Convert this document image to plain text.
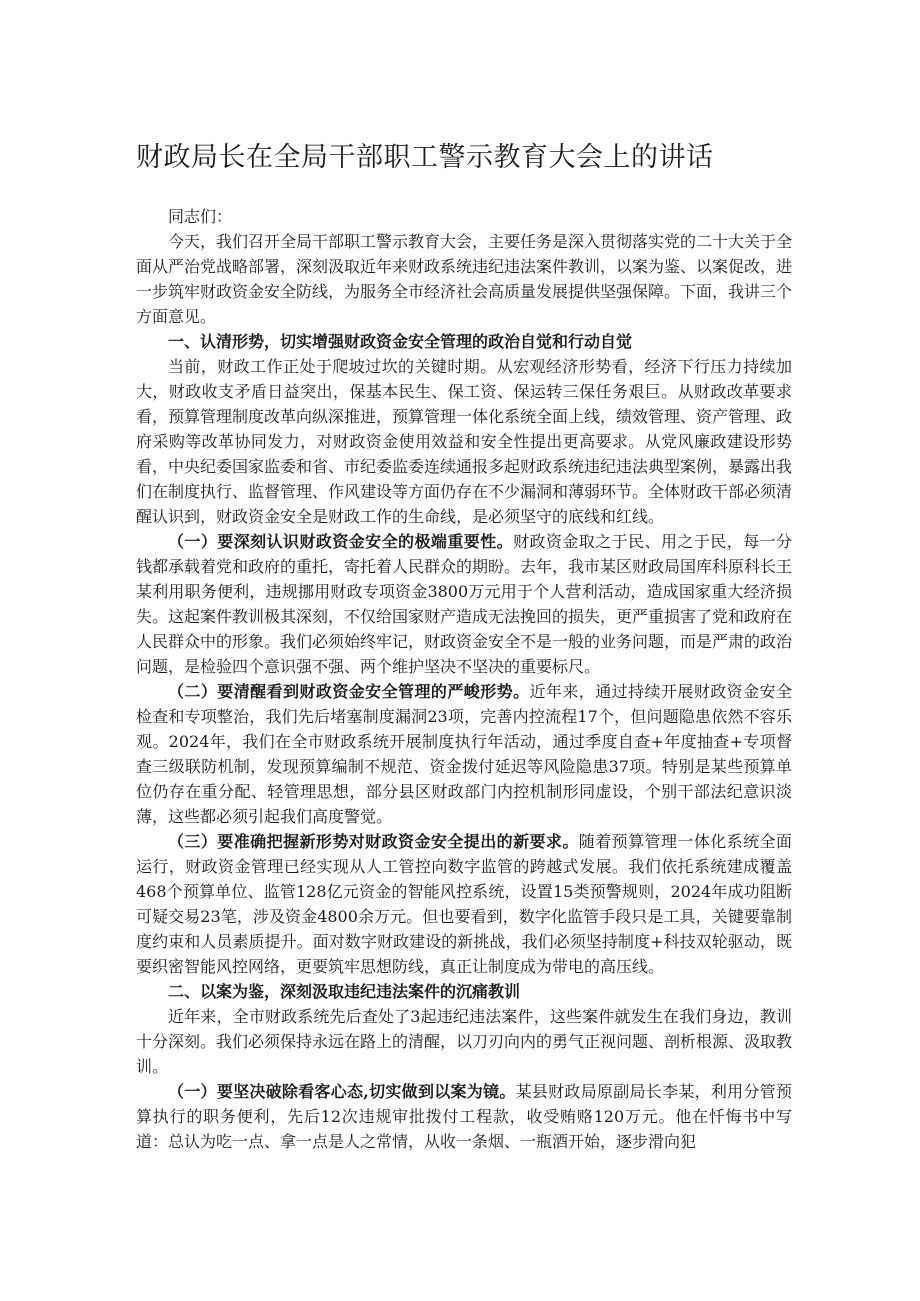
财政局长在全局干部职工警示教育大会上的讲话

同志们：

今天，我们召开全局干部职工警示教育大会，主要任务是深入贯彻落实党的二十大关于全面从严治党战略部署，深刻汲取近年来财政系统违纪违法案件教训，以案为鉴、以案促改，进一步筑牢财政资金安全防线，为服务全市经济社会高质量发展提供坚强保障。下面，我讲三个方面意见。

一、认清形势，切实增强财政资金安全管理的政治自觉和行动自觉

当前，财政工作正处于爬坡过坎的关键时期。从宏观经济形势看，经济下行压力持续加大，财政收支矛盾日益突出，保基本民生、保工资、保运转三保任务艰巨。从财政改革要求看，预算管理制度改革向纵深推进，预算管理一体化系统全面上线，绩效管理、资产管理、政府采购等改革协同发力，对财政资金使用效益和安全性提出更高要求。从党风廉政建设形势看，中央纪委国家监委和省、市纪委监委连续通报多起财政系统违纪违法典型案例，暴露出我们在制度执行、监督管理、作风建设等方面仍存在不少漏洞和薄弱环节。全体财政干部必须清醒认识到，财政资金安全是财政工作的生命线，是必须坚守的底线和红线。

（一）要深刻认识财政资金安全的极端重要性。财政资金取之于民、用之于民，每一分钱都承载着党和政府的重托，寄托着人民群众的期盼。去年，我市某区财政局国库科原科长王某利用职务便利，违规挪用财政专项资金3800万元用于个人营利活动，造成国家重大经济损失。这起案件教训极其深刻，不仅给国家财产造成无法挽回的损失，更严重损害了党和政府在人民群众中的形象。我们必须始终牢记，财政资金安全不是一般的业务问题，而是严肃的政治问题，是检验四个意识强不强、两个维护坚决不坚决的重要标尺。

（二）要清醒看到财政资金安全管理的严峻形势。近年来，通过持续开展财政资金安全检查和专项整治，我们先后堵塞制度漏洞23项，完善内控流程17个，但问题隐患依然不容乐观。2024年，我们在全市财政系统开展制度执行年活动，通过季度自查+年度抽查+专项督查三级联防机制，发现预算编制不规范、资金拨付延迟等风险隐患37项。特别是某些预算单位仍存在重分配、轻管理思想，部分县区财政部门内控机制形同虚设，个别干部法纪意识淡薄，这些都必须引起我们高度警觉。

（三）要准确把握新形势对财政资金安全提出的新要求。随着预算管理一体化系统全面运行，财政资金管理已经实现从人工管控向数字监管的跨越式发展。我们依托系统建成覆盖468个预算单位、监管128亿元资金的智能风控系统，设置15类预警规则，2024年成功阻断可疑交易23笔，涉及资金4800余万元。但也要看到，数字化监管手段只是工具，关键要靠制度约束和人员素质提升。面对数字财政建设的新挑战，我们必须坚持制度+科技双轮驱动，既要织密智能风控网络，更要筑牢思想防线，真正让制度成为带电的高压线。

二、以案为鉴，深刻汲取违纪违法案件的沉痛教训

近年来，全市财政系统先后查处了3起违纪违法案件，这些案件就发生在我们身边，教训十分深刻。我们必须保持永远在路上的清醒，以刀刃向内的勇气正视问题、剖析根源、汲取教训。

（一）要坚决破除看客心态,切实做到以案为镜。某县财政局原副局长李某，利用分管预算执行的职务便利，先后12次违规审批拨付工程款，收受贿赂120万元。他在忏悔书中写道：总认为吃一点、拿一点是人之常情，从收一条烟、一瓶酒开始，逐步滑向犯
